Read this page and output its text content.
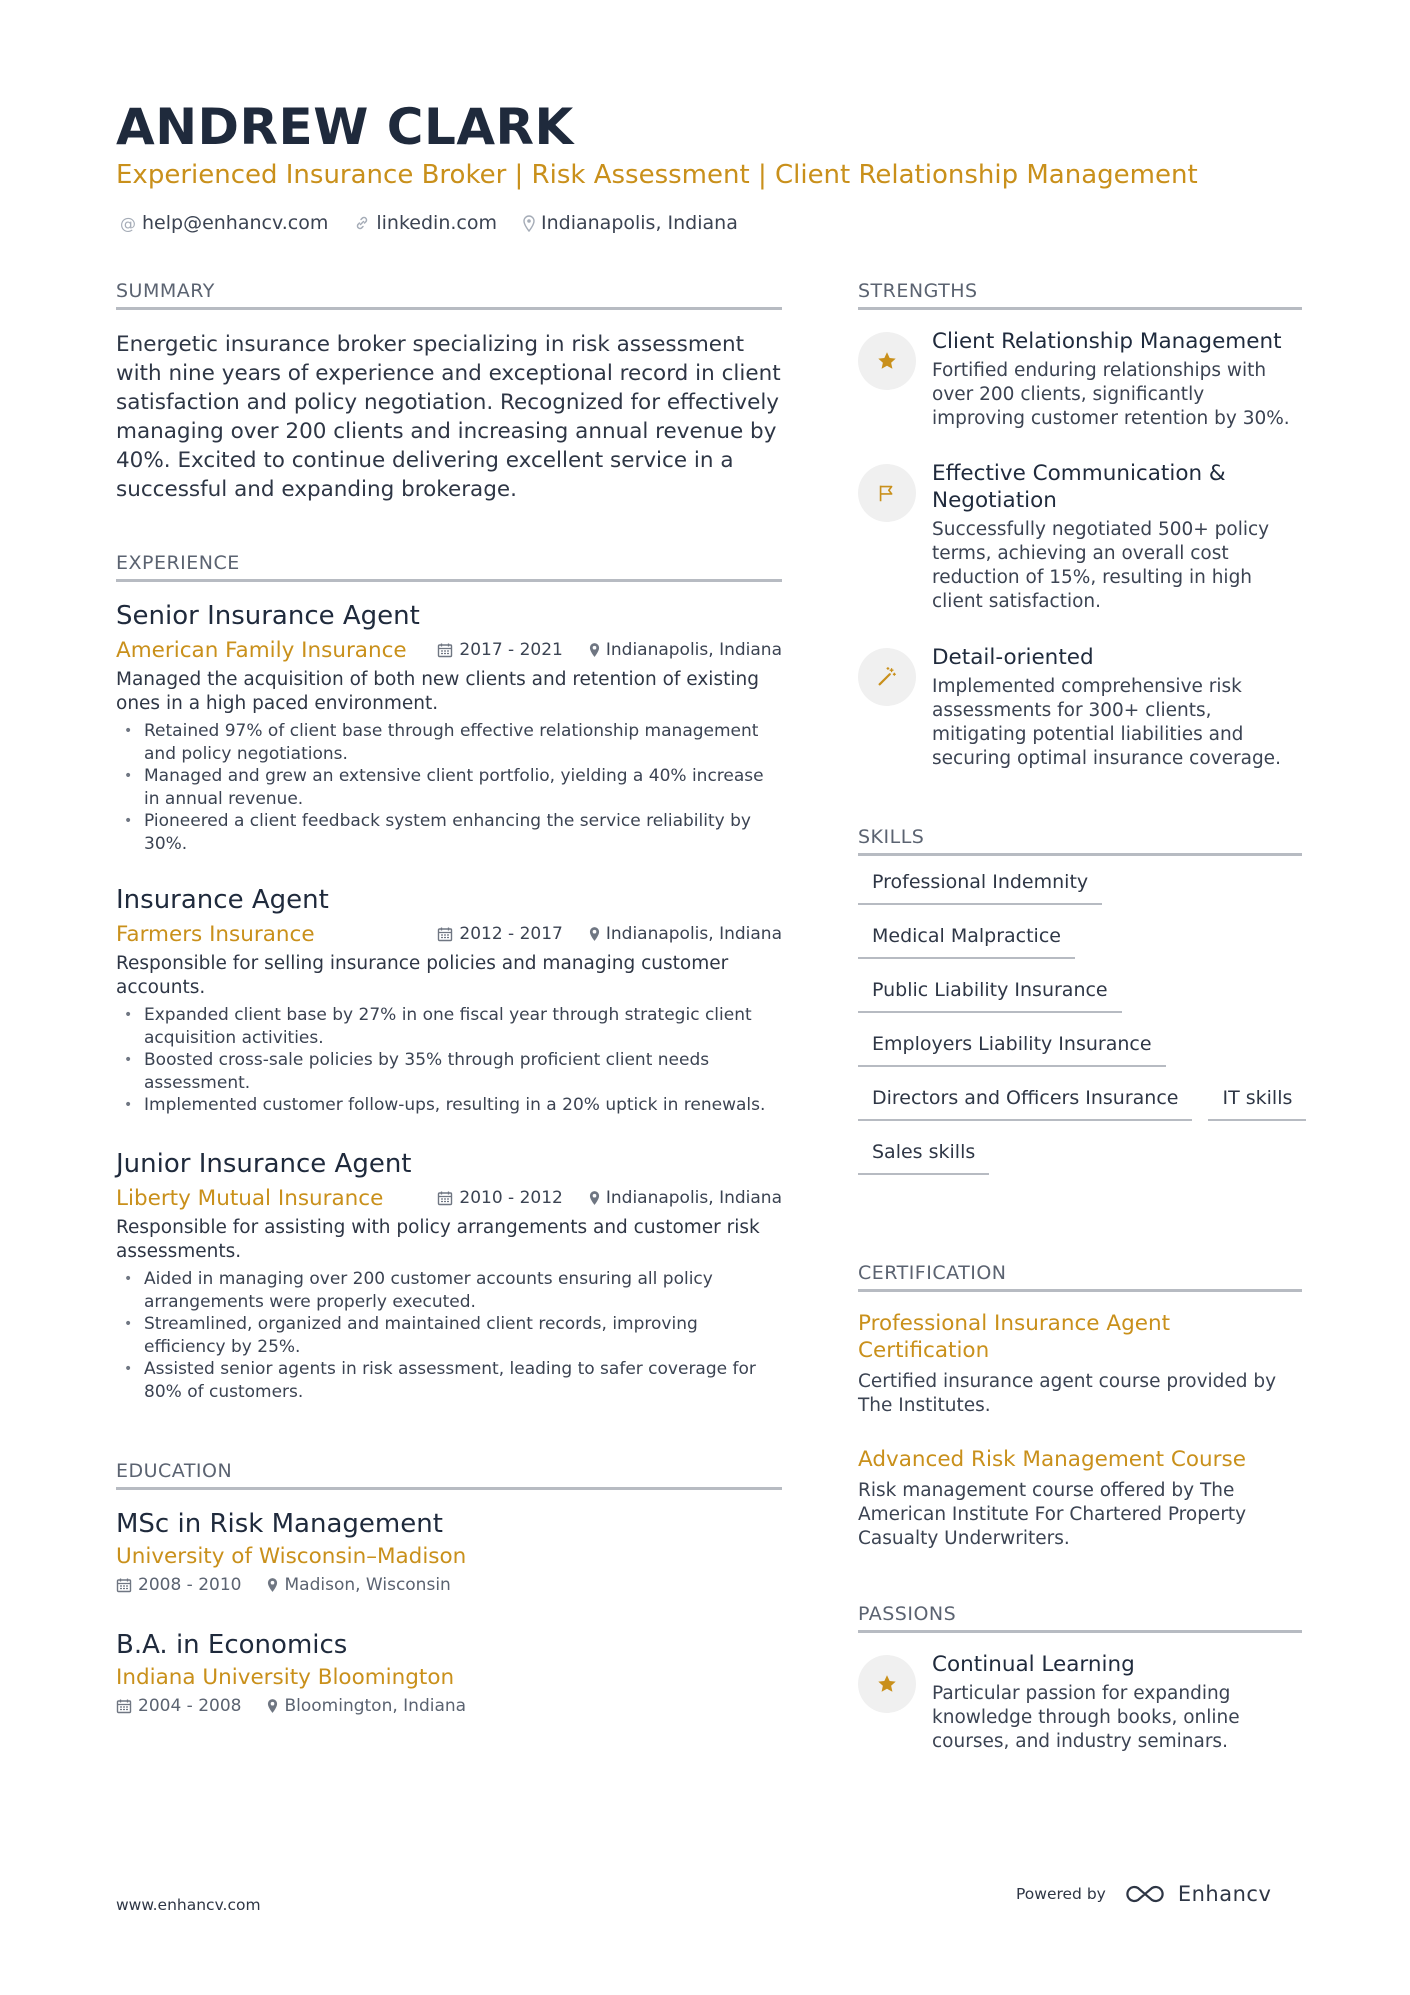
ANDREW CLARK
Experienced Insurance Broker | Risk Assessment | Client Relationship Management
@ help@enhancv.com	linkedin.com Indianapolis, Indiana
SUMMARY
Energetic insurance broker specializing in risk assessment with nine years of experience and exceptional record in client satisfaction and policy negotiation. Recognized for effectively managing over 200 clients and increasing annual revenue by 40%. Excited to continue delivering excellent service in a successful and expanding brokerage.
EXPERIENCE
Senior Insurance Agent
American Family Insurance	2017 - 2021	Indianapolis, Indiana
Managed the acquisition of both new clients and retention of existing ones in a high paced environment.
• Retained 97% of client base through effective relationship management and policy negotiations.
• Managed and grew an extensive client portfolio, yielding a 40% increase in annual revenue.
• Pioneered a client feedback system enhancing the service reliability by 30%.
Insurance Agent
Farmers Insurance	2012 - 2017	Indianapolis, Indiana
Responsible for selling insurance policies and managing customer accounts.
• Expanded client base by 27% in one fiscal year through strategic client acquisition activities.
• Boosted cross-sale policies by 35% through proficient client needs assessment.
• Implemented customer follow-ups, resulting in a 20% uptick in renewals.
Junior Insurance Agent
Liberty Mutual Insurance	2010 - 2012	Indianapolis, Indiana
Responsible for assisting with policy arrangements and customer risk assessments.
• Aided in managing over 200 customer accounts ensuring all policy arrangements were properly executed.
• Streamlined, organized and maintained client records, improving efficiency by 25%.
• Assisted senior agents in risk assessment, leading to safer coverage for 80% of customers.
EDUCATION
MSc in Risk Management
University of Wisconsin–Madison
2008 - 2010	Madison, Wisconsin
B.A. in Economics
Indiana University Bloomington
2004 - 2008	Bloomington, Indiana
STRENGTHS
Client Relationship Management
Fortified enduring relationships with over 200 clients, significantly improving customer retention by 30%.
Effective Communication & Negotiation
Successfully negotiated 500+ policy terms, achieving an overall cost reduction of 15%, resulting in high client satisfaction.
Detail-oriented
Implemented comprehensive risk assessments for 300+ clients, mitigating potential liabilities and securing optimal insurance coverage.
SKILLS
Professional Indemnity
Medical Malpractice
Public Liability Insurance
Employers Liability Insurance
Directors and Officers Insurance	IT skills
Sales skills
CERTIFICATION
Professional Insurance Agent Certification
Certified insurance agent course provided by The Institutes.
Advanced Risk Management Course
Risk management course offered by The American Institute For Chartered Property Casualty Underwriters.
PASSIONS
Continual Learning
Particular passion for expanding knowledge through books, online courses, and industry seminars.
www.enhancv.com
Powered by	Enhancv
